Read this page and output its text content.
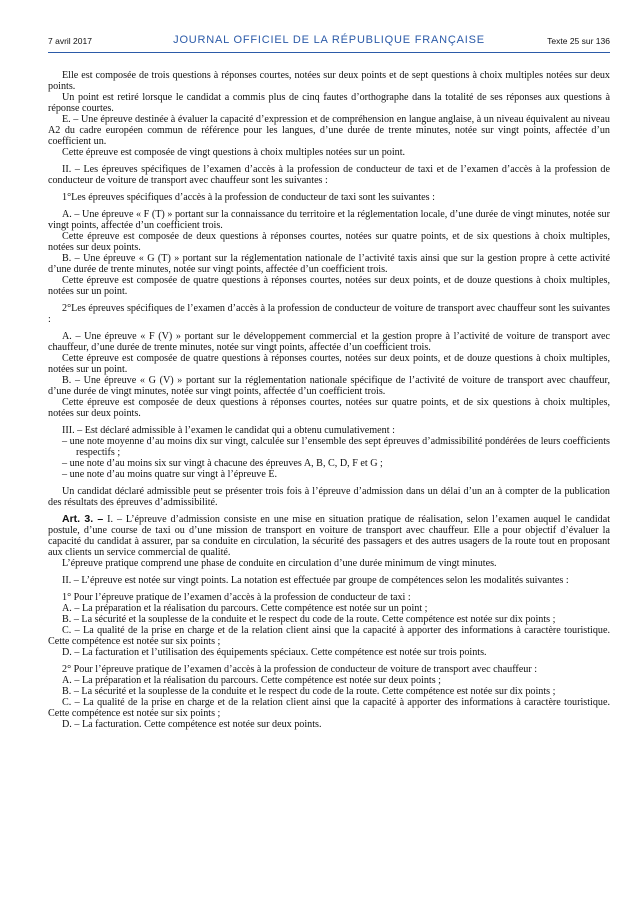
7 avril 2017	JOURNAL OFFICIEL DE LA RÉPUBLIQUE FRANÇAISE	Texte 25 sur 136

Elle est composée de trois questions à réponses courtes, notées sur deux points et de sept questions à choix multiples notées sur deux points.

Un point est retiré lorsque le candidat a commis plus de cinq fautes d’orthographe dans la totalité de ses réponses aux questions à réponse courtes.

E. – Une épreuve destinée à évaluer la capacité d’expression et de compréhension en langue anglaise, à un niveau équivalent au niveau A2 du cadre européen commun de référence pour les langues, d’une durée de trente minutes, notée sur vingt points, affectée d’un coefficient un.

Cette épreuve est composée de vingt questions à choix multiples notées sur un point.

II. – Les épreuves spécifiques de l’examen d’accès à la profession de conducteur de taxi et de l’examen d’accès à la profession de conducteur de voiture de transport avec chauffeur sont les suivantes :

1°Les épreuves spécifiques d’accès à la profession de conducteur de taxi sont les suivantes :

A. – Une épreuve « F (T) » portant sur la connaissance du territoire et la réglementation locale, d’une durée de vingt minutes, notée sur vingt points, affectée d’un coefficient trois.

Cette épreuve est composée de deux questions à réponses courtes, notées sur quatre points, et de six questions à choix multiples, notées sur deux points.

B. – Une épreuve « G (T) » portant sur la réglementation nationale de l’activité taxis ainsi que sur la gestion propre à cette activité d’une durée de trente minutes, notée sur vingt points, affectée d’un coefficient trois.

Cette épreuve est composée de quatre questions à réponses courtes, notées sur deux points, et de douze questions à choix multiples, notées sur un point.

2°Les épreuves spécifiques de l’examen d’accès à la profession de conducteur de voiture de transport avec chauffeur sont les suivantes :

A. – Une épreuve « F (V) » portant sur le développement commercial et la gestion propre à l’activité de voiture de transport avec chauffeur, d’une durée de trente minutes, notée sur vingt points, affectée d’un coefficient trois.

Cette épreuve est composée de quatre questions à réponses courtes, notées sur deux points, et de douze questions à choix multiples, notées sur un point.

B. – Une épreuve « G (V) » portant sur la réglementation nationale spécifique de l’activité de voiture de transport avec chauffeur, d’une durée de vingt minutes, notée sur vingt points, affectée d’un coefficient trois.

Cette épreuve est composée de deux questions à réponses courtes, notées sur quatre points, et de six questions à choix multiples, notées sur deux points.

III. – Est déclaré admissible à l’examen le candidat qui a obtenu cumulativement :

– une note moyenne d’au moins dix sur vingt, calculée sur l’ensemble des sept épreuves d’admissibilité pondérées de leurs coefficients respectifs ;
– une note d’au moins six sur vingt à chacune des épreuves A, B, C, D, F et G ;
– une note d’au moins quatre sur vingt à l’épreuve E.

Un candidat déclaré admissible peut se présenter trois fois à l’épreuve d’admission dans un délai d’un an à compter de la publication des résultats des épreuves d’admissibilité.

Art. 3. – I. – L’épreuve d’admission consiste en une mise en situation pratique de réalisation, selon l’examen auquel le candidat postule, d’une course de taxi ou d’une mission de transport en voiture de transport avec chauffeur. Elle a pour objectif d’évaluer la capacité du candidat à assurer, par sa conduite en circulation, la sécurité des passagers et des autres usagers de la route tout en proposant aux clients un service commercial de qualité.

L’épreuve pratique comprend une phase de conduite en circulation d’une durée minimum de vingt minutes.

II. – L’épreuve est notée sur vingt points. La notation est effectuée par groupe de compétences selon les modalités suivantes :

1° Pour l’épreuve pratique de l’examen d’accès à la profession de conducteur de taxi :

A. – La préparation et la réalisation du parcours. Cette compétence est notée sur un point ;

B. – La sécurité et la souplesse de la conduite et le respect du code de la route. Cette compétence est notée sur dix points ;

C. – La qualité de la prise en charge et de la relation client ainsi que la capacité à apporter des informations à caractère touristique. Cette compétence est notée sur six points ;

D. – La facturation et l’utilisation des équipements spéciaux. Cette compétence est notée sur trois points.

2° Pour l’épreuve pratique de l’examen d’accès à la profession de conducteur de voiture de transport avec chauffeur :

A. – La préparation et la réalisation du parcours. Cette compétence est notée sur deux points ;

B. – La sécurité et la souplesse de la conduite et le respect du code de la route. Cette compétence est notée sur dix points ;

C. – La qualité de la prise en charge et de la relation client ainsi que la capacité à apporter des informations à caractère touristique. Cette compétence est notée sur six points ;

D. – La facturation. Cette compétence est notée sur deux points.
